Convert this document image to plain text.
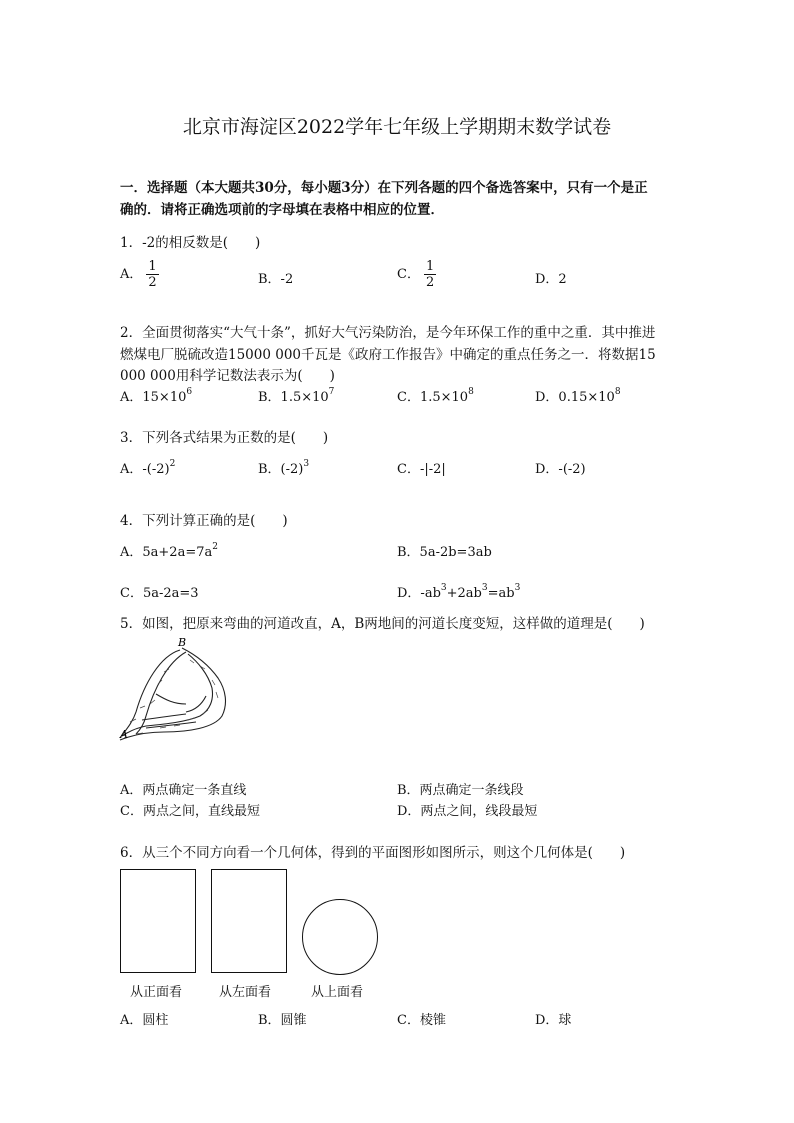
北京市海淀区2022学年七年级上学期期末数学试卷
一．选择题（本大题共30分，每小题3分）在下列各题的四个备选答案中，只有一个是正
确的．请将正确选项前的字母填在表格中相应的位置．
1．-2的相反数是(　　)
A． $\frac{1}{2}$	B．-2	C． $\frac{1}{2}$	D．2
2．全面贯彻落实“大气十条”，抓好大气污染防治，是今年环保工作的重中之重．其中推进
燃煤电厂脱硫改造15000 000千瓦是《政府工作报告》中确定的重点任务之一．将数据15
000 000用科学记数法表示为(　　)
A．$15\times 10^6$	B．$1.5\times 10^7$	C．$1.5\times 10^8$	D．$0.15\times 10^8$
3．下列各式结果为正数的是(　　)
A．$-(-2)^2$	B．$(-2)^3$	C．-|-2|	D．-(-2)
4．下列计算正确的是(　　)
A．$5a+2a=7a^2$	B．5a-2b=3ab
C．5a-2a=3	D．$-ab^3+2ab^3=ab^3$
5．如图，把原来弯曲的河道改直，A，B两地间的河道长度变短，这样做的道理是(　　)
A
B
A．两点确定一条直线	B．两点确定一条线段
C．两点之间，直线最短	D．两点之间，线段最短
6．从三个不同方向看一个几何体，得到的平面图形如图所示，则这个几何体是(　　)
从正面看	从左面看	从上面看
A．圆柱	B．圆锥	C．棱锥	D．球
